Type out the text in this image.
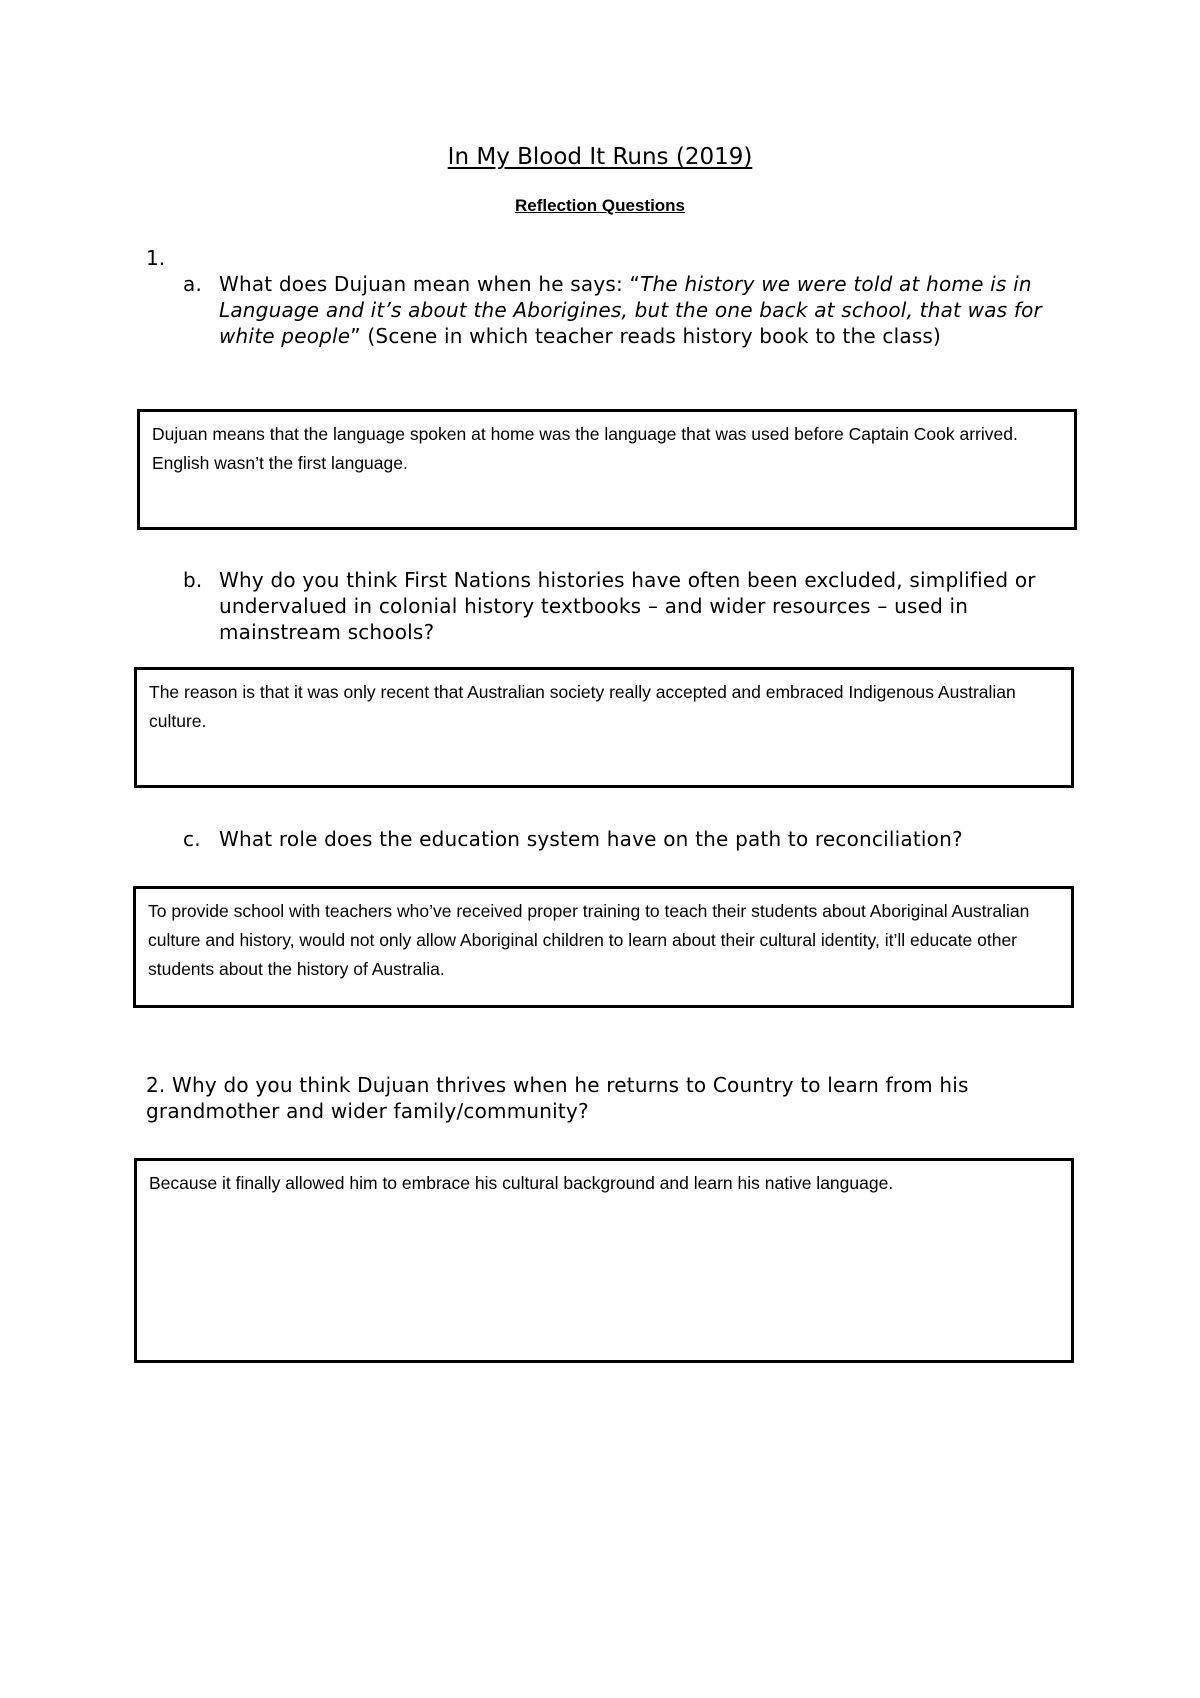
In My Blood It Runs (2019)
Reflection Questions
1.
a. What does Dujuan mean when he says: “The history we were told at home is in Language and it’s about the Aborigines, but the one back at school, that was for white people” (Scene in which teacher reads history book to the class)
Dujuan means that the language spoken at home was the language that was used before Captain Cook arrived. English wasn’t the first language.
b. Why do you think First Nations histories have often been excluded, simplified or undervalued in colonial history textbooks – and wider resources – used in mainstream schools?
The reason is that it was only recent that Australian society really accepted and embraced Indigenous Australian culture.
c. What role does the education system have on the path to reconciliation?
To provide school with teachers who’ve received proper training to teach their students about Aboriginal Australian culture and history, would not only allow Aboriginal children to learn about their cultural identity, it’ll educate other students about the history of Australia.
2. Why do you think Dujuan thrives when he returns to Country to learn from his grandmother and wider family/community?
Because it finally allowed him to embrace his cultural background and learn his native language.
